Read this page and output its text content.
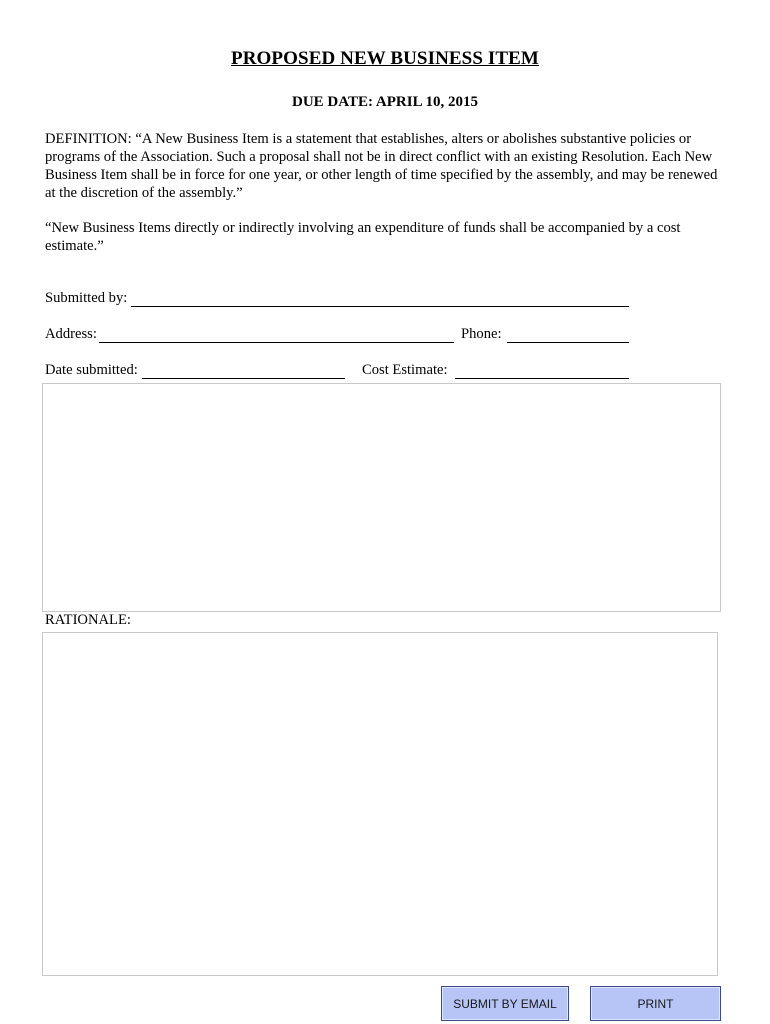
PROPOSED NEW BUSINESS ITEM
DUE DATE: APRIL 10, 2015
DEFINITION: “A New Business Item is a statement that establishes, alters or abolishes substantive policies or programs of the Association. Such a proposal shall not be in direct conflict with an existing Resolution. Each New Business Item shall be in force for one year, or other length of time specified by the assembly, and may be renewed at the discretion of the assembly.”
“New Business Items directly or indirectly involving an expenditure of funds shall be accompanied by a cost estimate.”
Submitted by:
Address:	Phone:
Date submitted:	Cost Estimate:
RATIONALE:
SUBMIT BY EMAIL	PRINT
